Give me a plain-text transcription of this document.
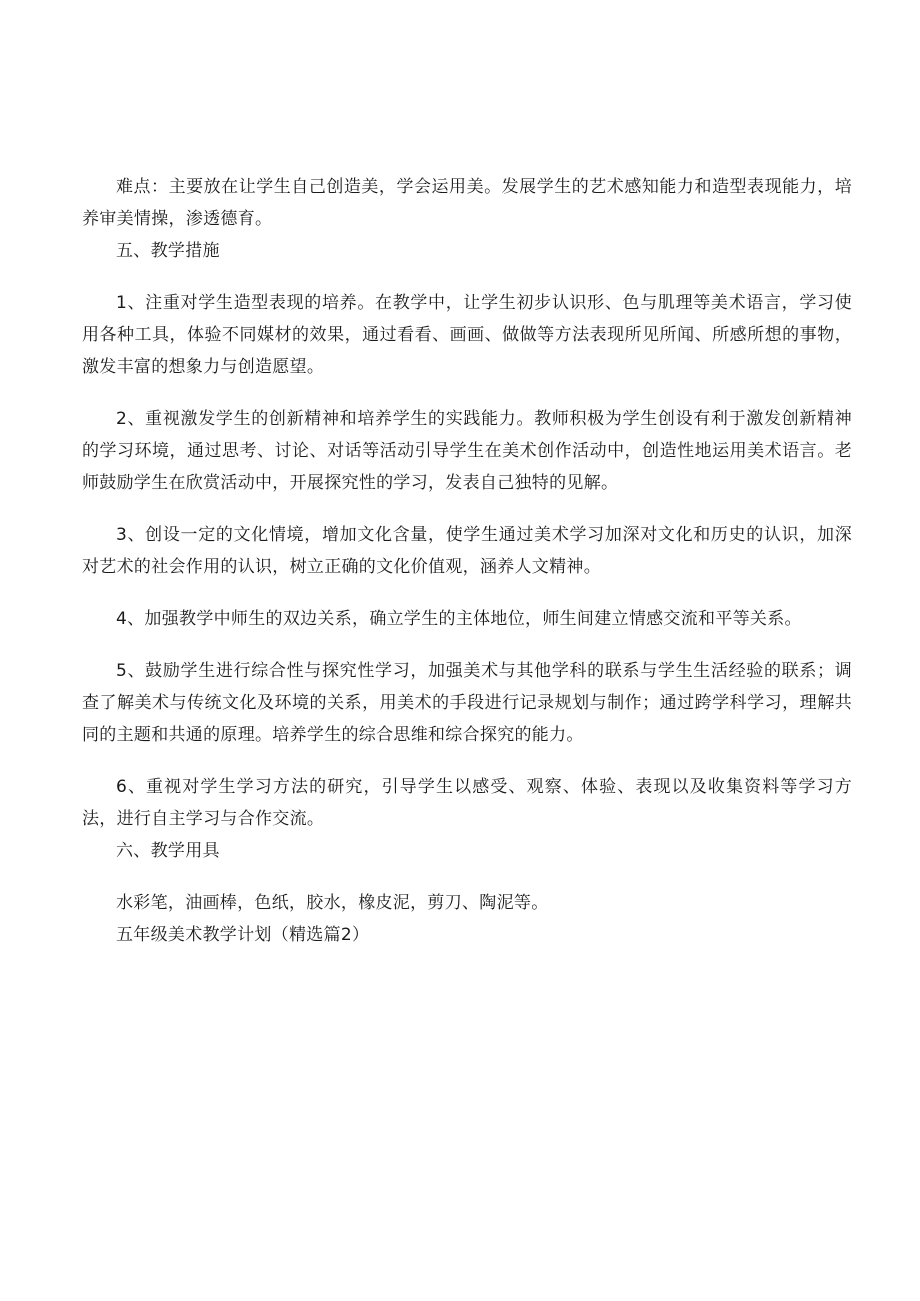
难点：主要放在让学生自己创造美，学会运用美。发展学生的艺术感知能力和造型表现能力，培养审美情操，渗透德育。

五、教学措施

1、注重对学生造型表现的培养。在教学中，让学生初步认识形、色与肌理等美术语言，学习使用各种工具，体验不同媒材的效果，通过看看、画画、做做等方法表现所见所闻、所感所想的事物，激发丰富的想象力与创造愿望。

2、重视激发学生的创新精神和培养学生的实践能力。教师积极为学生创设有利于激发创新精神的学习环境，通过思考、讨论、对话等活动引导学生在美术创作活动中，创造性地运用美术语言。老师鼓励学生在欣赏活动中，开展探究性的学习，发表自己独特的见解。

3、创设一定的文化情境，增加文化含量，使学生通过美术学习加深对文化和历史的认识，加深对艺术的社会作用的认识，树立正确的文化价值观，涵养人文精神。

4、加强教学中师生的双边关系，确立学生的主体地位，师生间建立情感交流和平等关系。

5、鼓励学生进行综合性与探究性学习，加强美术与其他学科的联系与学生生活经验的联系；调查了解美术与传统文化及环境的关系，用美术的手段进行记录规划与制作；通过跨学科学习，理解共同的主题和共通的原理。培养学生的综合思维和综合探究的能力。

6、重视对学生学习方法的研究，引导学生以感受、观察、体验、表现以及收集资料等学习方法，进行自主学习与合作交流。

六、教学用具

水彩笔，油画棒，色纸，胶水，橡皮泥，剪刀、陶泥等。

五年级美术教学计划（精选篇2）
